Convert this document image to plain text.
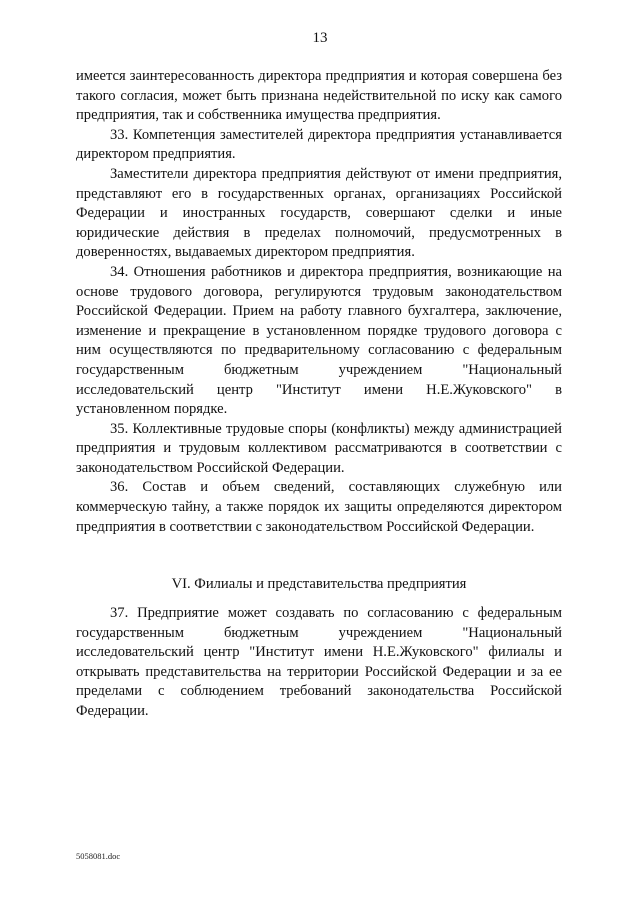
13

имеется заинтересованность директора предприятия и которая совершена без такого согласия, может быть признана недействительной по иску как самого предприятия, так и собственника имущества предприятия.

33. Компетенция заместителей директора предприятия устанавливается директором предприятия.

Заместители директора предприятия действуют от имени предприятия, представляют его в государственных органах, организациях Российской Федерации и иностранных государств, совершают сделки и иные юридические действия в пределах полномочий, предусмотренных в доверенностях, выдаваемых директором предприятия.

34. Отношения работников и директора предприятия, возникающие на основе трудового договора, регулируются трудовым законодательством Российской Федерации. Прием на работу главного бухгалтера, заключение, изменение и прекращение в установленном порядке трудового договора с ним осуществляются по предварительному согласованию с федеральным государственным бюджетным учреждением "Национальный исследовательский центр "Институт имени Н.Е.Жуковского" в установленном порядке.

35. Коллективные трудовые споры (конфликты) между администрацией предприятия и трудовым коллективом рассматриваются в соответствии с законодательством Российской Федерации.

36. Состав и объем сведений, составляющих служебную или коммерческую тайну, а также порядок их защиты определяются директором предприятия в соответствии с законодательством Российской Федерации.

VI. Филиалы и представительства предприятия

37. Предприятие может создавать по согласованию с федеральным государственным бюджетным учреждением "Национальный исследовательский центр "Институт имени Н.Е.Жуковского" филиалы и открывать представительства на территории Российской Федерации и за ее пределами с соблюдением требований законодательства Российской Федерации.

5058081.doc
